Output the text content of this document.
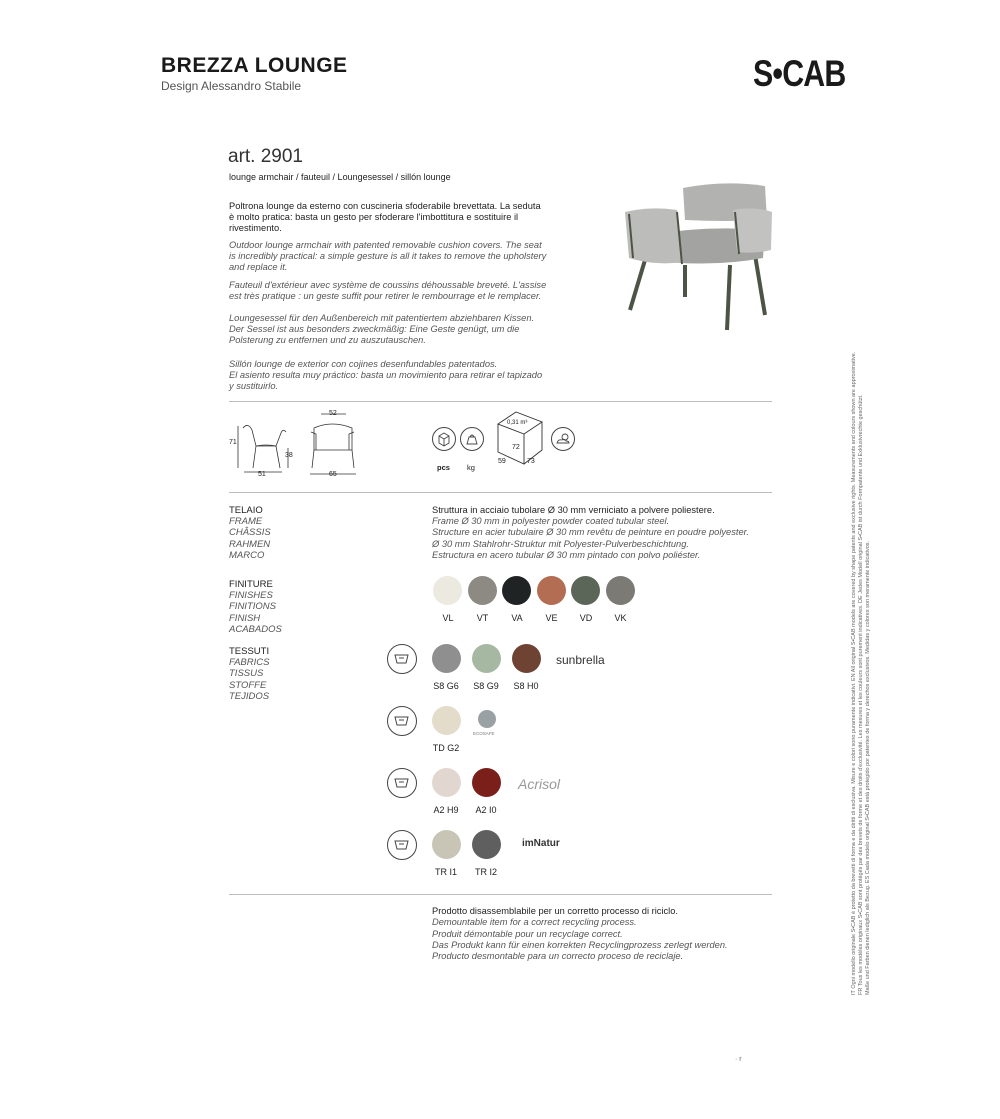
BREZZA LOUNGE
Design Alessandro Stabile	S•CAB
art. 2901
lounge armchair / fauteuil / Loungesessel / sillón lounge
Poltrona lounge da esterno con cuscineria sfoderabile brevettata. La seduta
è molto pratica: basta un gesto per sfoderare l'imbottitura e sostituire il
rivestimento.
Outdoor lounge armchair with patented removable cushion covers. The seat
is incredibly practical: a simple gesture is all it takes to remove the upholstery
and replace it.
Fauteuil d'extérieur avec système de coussins déhoussable breveté. L'assise
est très pratique : un geste suffit pour retirer le rembourrage et le remplacer.
Loungesessel für den Außenbereich mit patentiertem abziehbaren Kissen.
Der Sessel ist aus besonders zweckmäßig: Eine Geste genügt, um die
Polsterung zu entfernen und zu auszutauschen.
Sillón lounge de exterior con cojines desenfundables patentados.
El asiento resulta muy práctico: basta un movimiento para retirar el tapizado
y sustituirlo.
52
71
38
51	65
pcs kg
0,31 m³
72
59	73
TELAIO
FRAME
CHÂSSIS
RAHMEN
MARCO
Struttura in acciaio tubolare Ø 30 mm verniciato a polvere poliestere.
Frame Ø 30 mm in polyester powder coated tubular steel.
Structure en acier tubulaire Ø 30 mm revêtu de peinture en poudre polyester.
Ø 30 mm Stahlrohr-Struktur mit Polyester-Pulverbeschichtung.
Estructura en acero tubular Ø 30 mm pintado con polvo poliéster.
FINITURE
FINISHES
FINITIONS
FINISH
ACABADOS
VL	VT	VA	VE	VD	VK
TESSUTI
FABRICS
TISSUS
STOFFE
TEJIDOS
S8 G6	S8 G9	S8 H0
TD G2
A2 H9	A2 I0
TR I1	TR I2
sunbrella
ECOSAFE
Acrisol
imNatur
Prodotto disassemblabile per un corretto processo di riciclo.
Demountable item for a correct recycling process.
Produit démontable pour un recyclage correct.
Das Produkt kann für einen korrekten Recyclingprozess zerlegt werden.
Producto desmontable para un correcto proceso de reciclaje.	IT Ogni modello originale S•CAB è protetto da brevetti di forma e da diritti di esclusiva. Misure e colori sono puramente indicativi. EN All original S•CAB models are covered by shape patents and exclusive rights. Measurements and colours shown are approximative. FR Tous les modèles originaux S•CAB sont protégés par des brevets de forme et des droits d'exclusivité. Les mesures et les couleurs sont purement indicatives. DE Jedes Modell original S•CAB ist durch Formpatente und Exklusivrechte geschützt. Maße und Farben dienen lediglich als Bezug. ES Cada modelo original S•CAB está protegido por patentes de forma y derechos exclusivos. Medidas y colores son meramente indicativos.
· r
